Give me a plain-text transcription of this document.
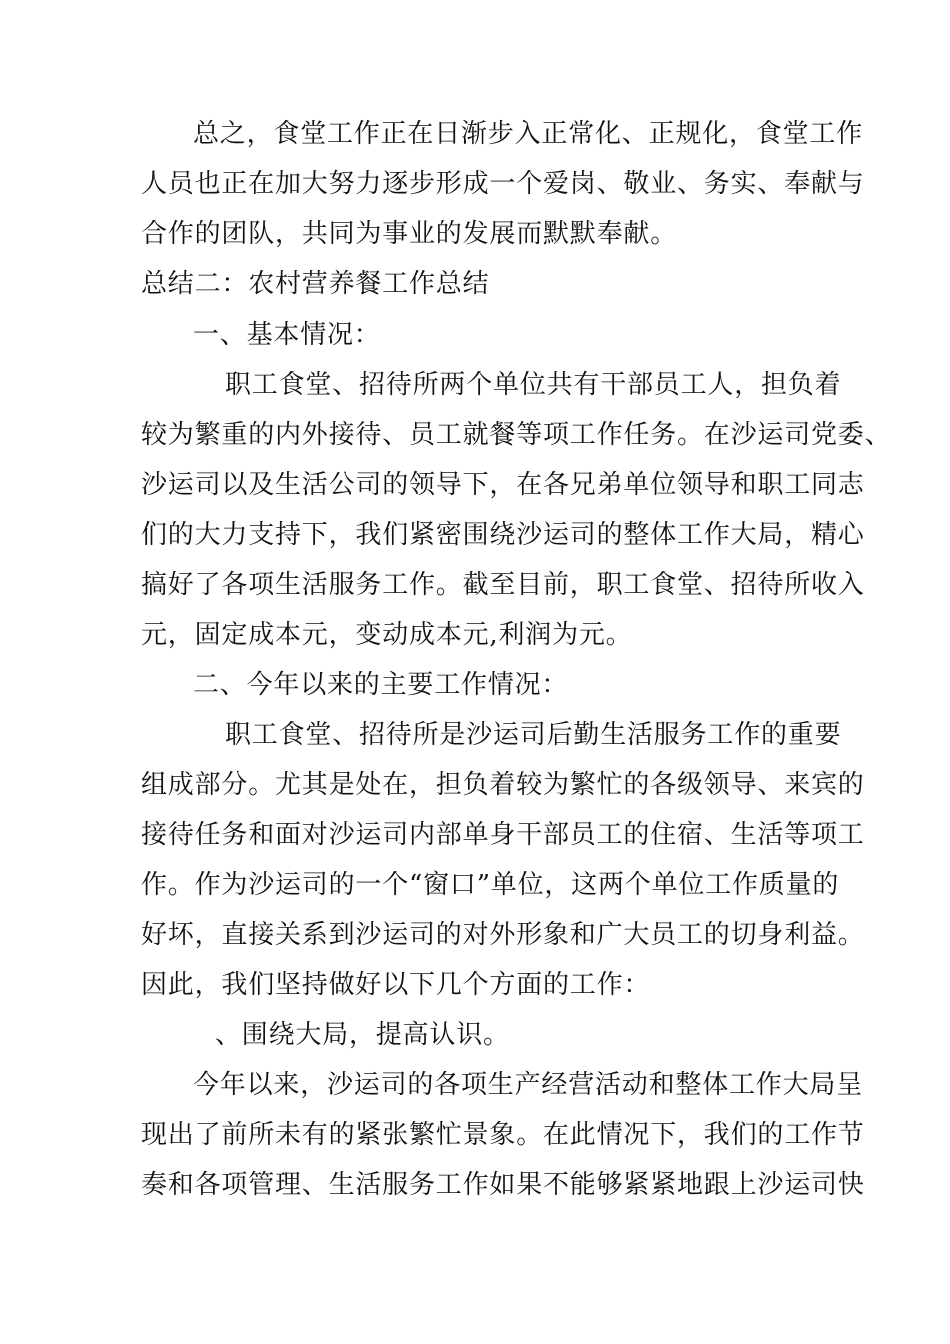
总之，食堂工作正在日渐步入正常化、正规化，食堂工作
人员也正在加大努力逐步形成一个爱岗、敬业、务实、奉献与
合作的团队，共同为事业的发展而默默奉献。
总结二：农村营养餐工作总结
一、基本情况：
职工食堂、招待所两个单位共有干部员工人，担负着
较为繁重的内外接待、员工就餐等项工作任务。在沙运司党委、
沙运司以及生活公司的领导下，在各兄弟单位领导和职工同志
们的大力支持下，我们紧密围绕沙运司的整体工作大局，精心
搞好了各项生活服务工作。截至目前，职工食堂、招待所收入
元，固定成本元，变动成本元,利润为元。
二、今年以来的主要工作情况：
职工食堂、招待所是沙运司后勤生活服务工作的重要
组成部分。尤其是处在，担负着较为繁忙的各级领导、来宾的
接待任务和面对沙运司内部单身干部员工的住宿、生活等项工
作。作为沙运司的一个“窗口”单位，这两个单位工作质量的
好坏，直接关系到沙运司的对外形象和广大员工的切身利益。
因此，我们坚持做好以下几个方面的工作：
、围绕大局，提高认识。
今年以来，沙运司的各项生产经营活动和整体工作大局呈
现出了前所未有的紧张繁忙景象。在此情况下，我们的工作节
奏和各项管理、生活服务工作如果不能够紧紧地跟上沙运司快
